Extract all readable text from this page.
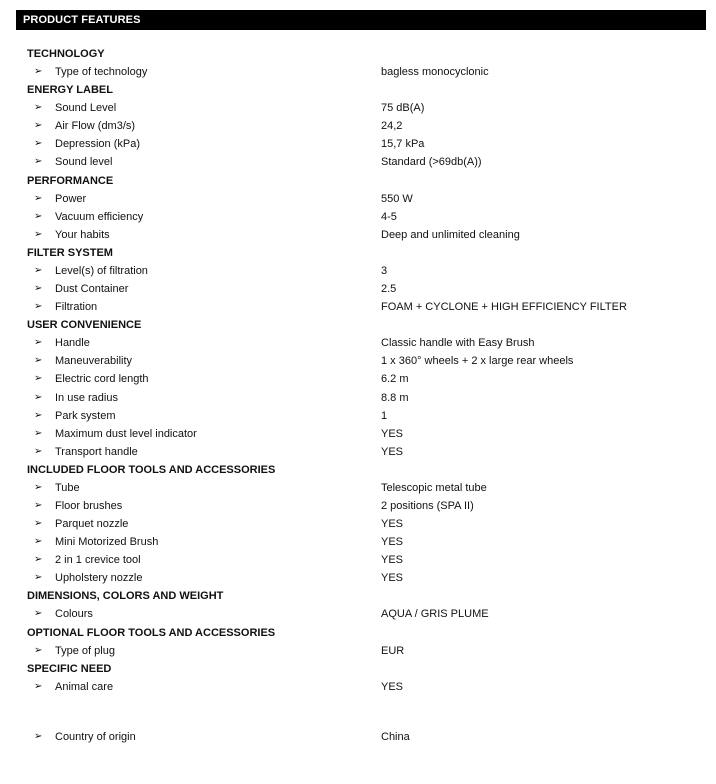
PRODUCT FEATURES
TECHNOLOGY
➢ Type of technology	bagless monocyclonic
ENERGY LABEL
➢ Sound Level	75 dB(A)
➢ Air Flow (dm3/s)	24,2
➢ Depression (kPa)	15,7 kPa
➢ Sound level	Standard (>69db(A))
PERFORMANCE
➢ Power	550 W
➢ Vacuum efficiency	4-5
➢ Your habits	Deep and unlimited cleaning
FILTER SYSTEM
➢ Level(s) of filtration	3
➢ Dust Container	2.5
➢ Filtration	FOAM + CYCLONE + HIGH EFFICIENCY FILTER
USER CONVENIENCE
➢ Handle	Classic handle with Easy Brush
➢ Maneuverability	1 x 360° wheels + 2 x large rear wheels
➢ Electric cord length	6.2 m
➢ In use radius	8.8 m
➢ Park system	1
➢ Maximum dust level indicator	YES
➢ Transport handle	YES
INCLUDED FLOOR TOOLS AND ACCESSORIES
➢ Tube	Telescopic metal tube
➢ Floor brushes	2 positions (SPA II)
➢ Parquet nozzle	YES
➢ Mini Motorized Brush	YES
➢ 2 in 1 crevice tool	YES
➢ Upholstery nozzle	YES
DIMENSIONS, COLORS AND WEIGHT
➢ Colours	AQUA / GRIS PLUME
OPTIONAL FLOOR TOOLS AND ACCESSORIES
➢ Type of plug	EUR
SPECIFIC NEED
➢ Animal care	YES
➢ Country of origin	China
